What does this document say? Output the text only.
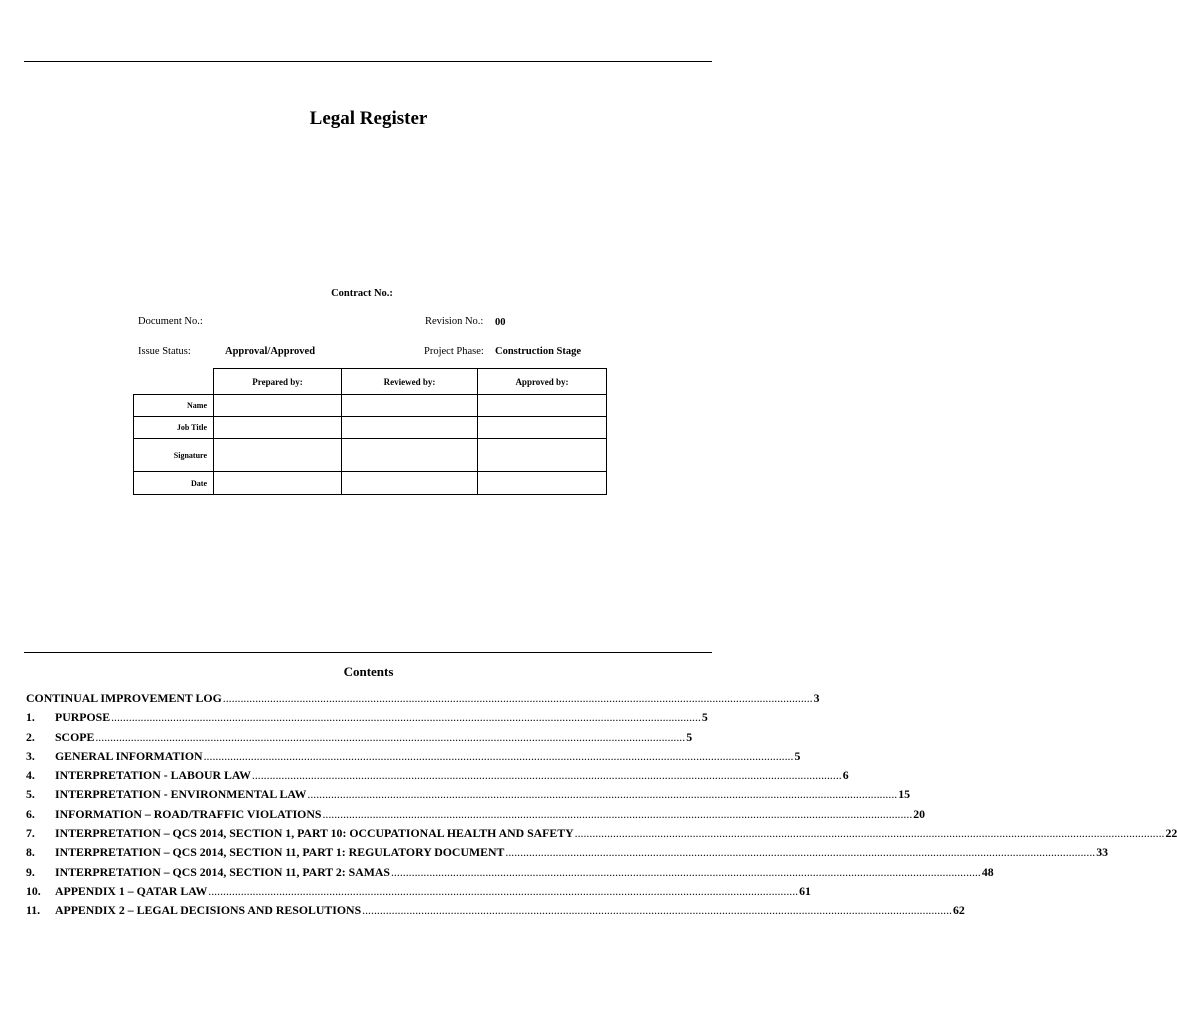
Legal Register
Contract No.:
Document No.:	Revision No.: 00
Issue Status:	Approval/Approved	Project Phase: Construction Stage
	Prepared by:	Reviewed by:	Approved by:
Name			
Job Title			
Signature			
Date			
Contents
CONTINUAL IMPROVEMENT LOG ........................................................................................................................................................................................................ 3
1.	PURPOSE ........................................................................................................................................................................................................ 5
2.	SCOPE ........................................................................................................................................................................................................ 5
3.	GENERAL INFORMATION ........................................................................................................................................................................................................ 5
4.	INTERPRETATION - LABOUR LAW ........................................................................................................................................................................................................ 6
5.	INTERPRETATION - ENVIRONMENTAL LAW ........................................................................................................................................................................................................ 15
6.	INFORMATION – ROAD/TRAFFIC VIOLATIONS ........................................................................................................................................................................................................ 20
7.	INTERPRETATION – QCS 2014, SECTION 1, PART 10: OCCUPATIONAL HEALTH AND SAFETY ........................................................................................................................................................................................................ 22
8.	INTERPRETATION – QCS 2014, SECTION 11, PART 1: REGULATORY DOCUMENT ........................................................................................................................................................................................................ 33
9.	INTERPRETATION – QCS 2014, SECTION 11, PART 2: SAMAS ........................................................................................................................................................................................................ 48
10.	APPENDIX 1 – QATAR LAW ........................................................................................................................................................................................................ 61
11.	APPENDIX 2 – LEGAL DECISIONS AND RESOLUTIONS ........................................................................................................................................................................................................ 62
